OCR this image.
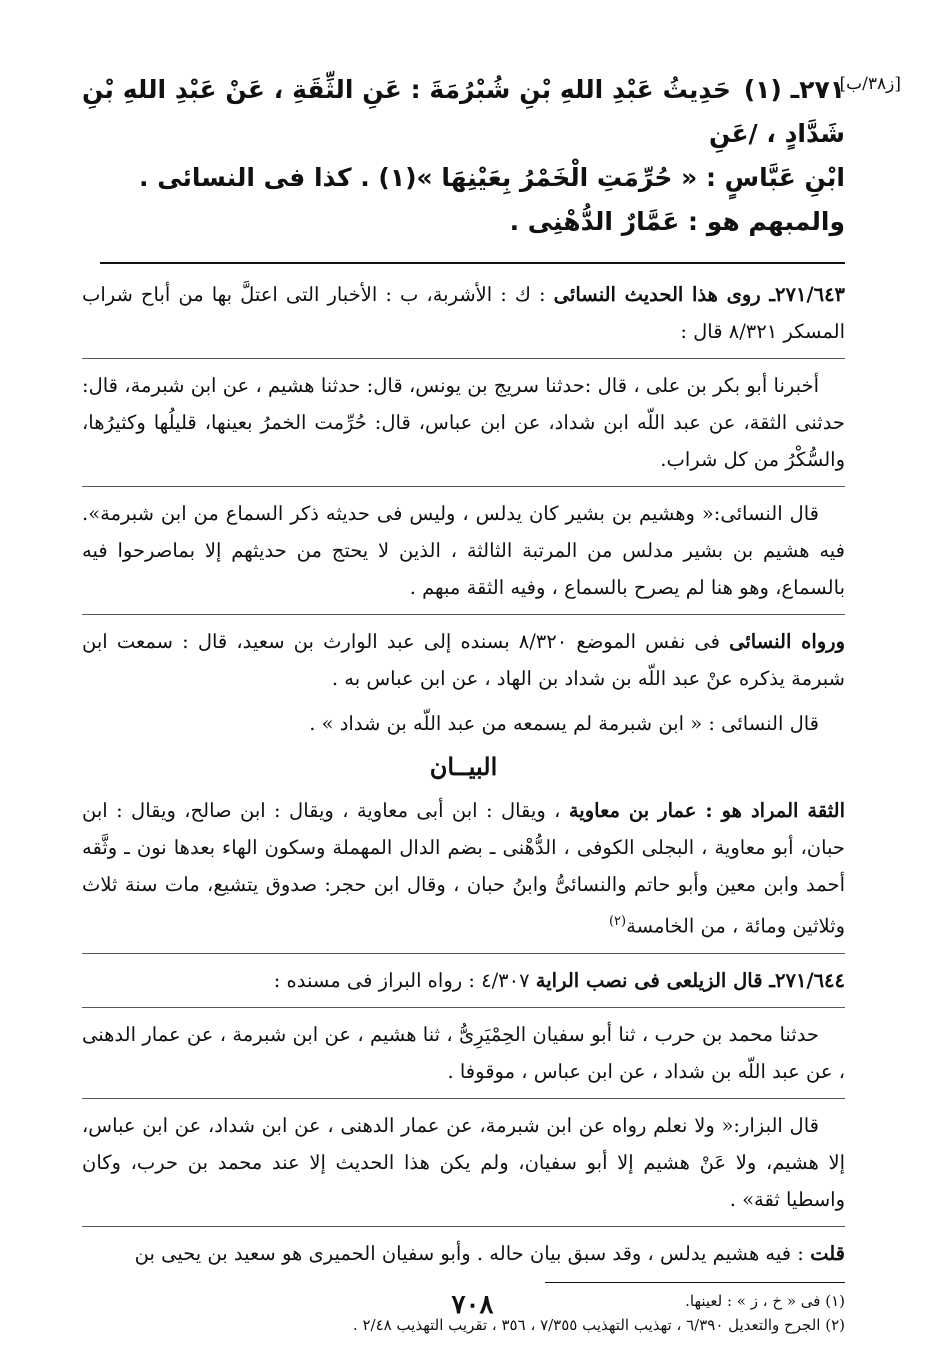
[ز٣٨/ب]

٢٧١ـ (١) حَدِيثُ عَبْدِ اللهِ بْنِ شُبْرُمَةَ : عَنِ الثِّقَةِ ، عَنْ عَبْدِ اللهِ بْنِ شَدَّادٍ ، /عَنِ

ابْنِ عَبَّاسٍ : « حُرِّمَتِ الْخَمْرُ بِعَيْنِهَا »(١) . كذا فى النسائى .

والمبهم هو : عَمَّارٌ الدُّهْنِى .

٢٧١/٦٤٣ـ روى هذا الحديث النسائى : ك : الأشربة، ب : الأخبار التى اعتلَّ بها من أباح شراب المسكر ٨/٣٢١ قال :

أخبرنا أبو بكر بن على ، قال :حدثنا سريج بن يونس، قال: حدثنا هشيم ، عن ابن شبرمة، قال: حدثنى الثقة، عن عبد اللّه ابن شداد، عن ابن عباس، قال: حُرِّمت الخمرُ بعينها، قليلُها وكثيرُها، والسُّكْرُ من كل شراب.

قال النسائى:« وهشيم بن بشير كان يدلس ، وليس فى حديثه ذكر السماع من ابن شبرمة». فيه هشيم بن بشير مدلس من المرتبة الثالثة ، الذين لا يحتج من حديثهم إلا بماصرحوا فيه بالسماع، وهو هنا لم يصرح بالسماع ، وفيه الثقة مبهم .

ورواه النسائى فى نفس الموضع ٨/٣٢٠ بسنده إلى عبد الوارث بن سعيد، قال : سمعت ابن شبرمة يذكره عنْ عبد اللّه بن شداد بن الهاد ، عن ابن عباس به .

قال النسائى : « ابن شبرمة لم يسمعه من عبد اللّه بن شداد » .

البيــان

الثقة المراد هو : عمار بن معاوية ، ويقال : ابن أبى معاوية ، ويقال : ابن صالح، ويقال : ابن حبان، أبو معاوية ، البجلى الكوفى ، الدُّهْنى ـ بضم الدال المهملة وسكون الهاء بعدها نون ـ وثَّقه أحمد وابن معين وأبو حاتم والنسائىُّ وابنُ حبان ، وقال ابن حجر: صدوق يتشيع، مات سنة ثلاث وثلاثين ومائة ، من الخامسة$^{(٢)}$

٢٧١/٦٤٤ـ قال الزيلعى فى نصب الراية ٤/٣٠٧ : رواه البراز فى مسنده :

حدثنا محمد بن حرب ، ثنا أبو سفيان الحِمْيَرِىُّ ، ثنا هشيم ، عن ابن شبرمة ، عن عمار الدهنى ، عن عبد اللّه بن شداد ، عن ابن عباس ، موقوفا .

قال البزار:« ولا نعلم رواه عن ابن شبرمة، عن عمار الدهنى ، عن ابن شداد، عن ابن عباس، إلا هشيم، ولا عَنْ هشيم إلا أبو سفيان، ولم يكن هذا الحديث إلا عند محمد بن حرب، وكان واسطيا ثقة» .

قلت : فيه هشيم يدلس ، وقد سبق بيان حاله . وأبو سفيان الحميرى هو سعيد بن يحيى بن

(١) فى « خ ، ز » : لعينها.

(٢) الجرح والتعديل ٦/٣٩٠ ، تهذيب التهذيب ٧/٣٥٥ ، ٣٥٦ ، تقريب التهذيب ٢/٤٨ .

٧٠٨
